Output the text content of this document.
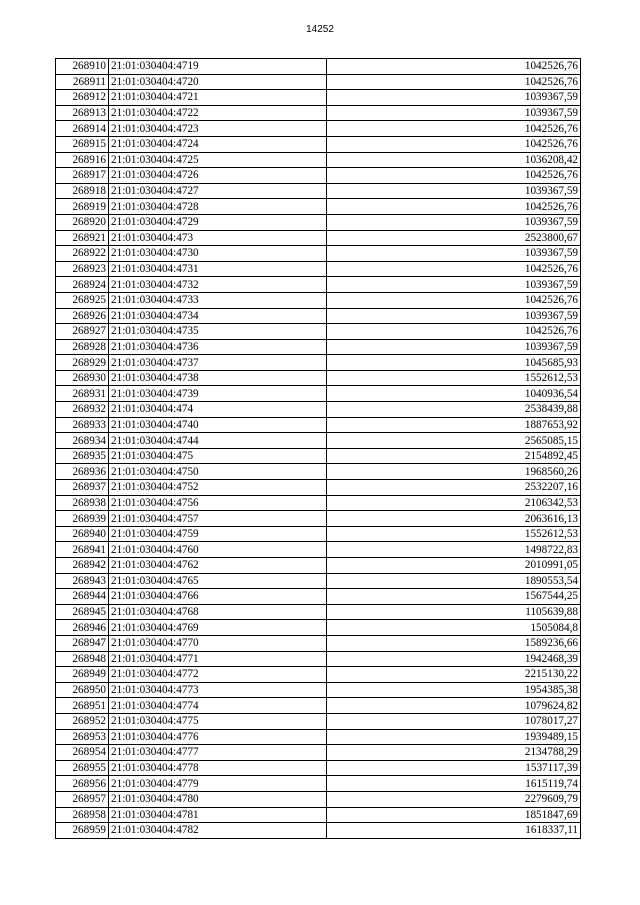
14252
268910	21:01:030404:4719	1042526,76
268911	21:01:030404:4720	1042526,76
268912	21:01:030404:4721	1039367,59
268913	21:01:030404:4722	1039367,59
268914	21:01:030404:4723	1042526,76
268915	21:01:030404:4724	1042526,76
268916	21:01:030404:4725	1036208,42
268917	21:01:030404:4726	1042526,76
268918	21:01:030404:4727	1039367,59
268919	21:01:030404:4728	1042526,76
268920	21:01:030404:4729	1039367,59
268921	21:01:030404:473	2523800,67
268922	21:01:030404:4730	1039367,59
268923	21:01:030404:4731	1042526,76
268924	21:01:030404:4732	1039367,59
268925	21:01:030404:4733	1042526,76
268926	21:01:030404:4734	1039367,59
268927	21:01:030404:4735	1042526,76
268928	21:01:030404:4736	1039367,59
268929	21:01:030404:4737	1045685,93
268930	21:01:030404:4738	1552612,53
268931	21:01:030404:4739	1040936,54
268932	21:01:030404:474	2538439,88
268933	21:01:030404:4740	1887653,92
268934	21:01:030404:4744	2565085,15
268935	21:01:030404:475	2154892,45
268936	21:01:030404:4750	1968560,26
268937	21:01:030404:4752	2532207,16
268938	21:01:030404:4756	2106342,53
268939	21:01:030404:4757	2063616,13
268940	21:01:030404:4759	1552612,53
268941	21:01:030404:4760	1498722,83
268942	21:01:030404:4762	2010991,05
268943	21:01:030404:4765	1890553,54
268944	21:01:030404:4766	1567544,25
268945	21:01:030404:4768	1105639,88
268946	21:01:030404:4769	1505084,8
268947	21:01:030404:4770	1589236,66
268948	21:01:030404:4771	1942468,39
268949	21:01:030404:4772	2215130,22
268950	21:01:030404:4773	1954385,38
268951	21:01:030404:4774	1079624,82
268952	21:01:030404:4775	1078017,27
268953	21:01:030404:4776	1939489,15
268954	21:01:030404:4777	2134788,29
268955	21:01:030404:4778	1537117,39
268956	21:01:030404:4779	1615119,74
268957	21:01:030404:4780	2279609,79
268958	21:01:030404:4781	1851847,69
268959	21:01:030404:4782	1618337,11
